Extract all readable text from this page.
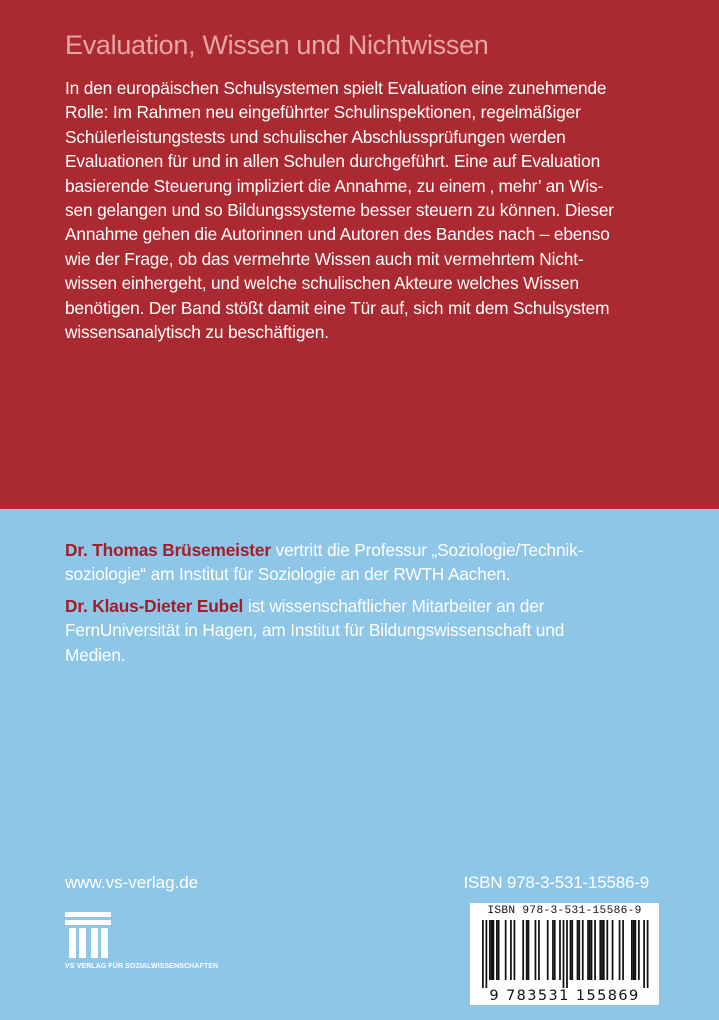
Evaluation, Wissen und Nichtwissen
In den europäischen Schulsystemen spielt Evaluation eine zunehmende
Rolle: Im Rahmen neu eingeführter Schulinspektionen, regelmäßiger
Schülerleistungstests und schulischer Abschlussprüfungen werden
Evaluationen für und in allen Schulen durchgeführt. Eine auf Evaluation
basierende Steuerung impliziert die Annahme, zu einem ‚ mehr’ an Wis-
sen gelangen und so Bildungssysteme besser steuern zu können. Dieser
Annahme gehen die Autorinnen und Autoren des Bandes nach – ebenso
wie der Frage, ob das vermehrte Wissen auch mit vermehrtem Nicht-
wissen einhergeht, und welche schulischen Akteure welches Wissen
benötigen. Der Band stößt damit eine Tür auf, sich mit dem Schulsystem
wissensanalytisch zu beschäftigen.
Dr. Thomas Brüsemeister vertritt die Professur „Soziologie/Technik-
soziologie“ am Institut für Soziologie an der RWTH Aachen.
Dr. Klaus-Dieter Eubel ist wissenschaftlicher Mitarbeiter an der
FernUniversität in Hagen, am Institut für Bildungswissenschaft und
Medien.
www.vs-verlag.de	ISBN 978-3-531-15586-9
VS VERLAG FÜR SOZIALWISSENSCHAFTEN
ISBN 978-3-531-15586-9
9 783531 155869
